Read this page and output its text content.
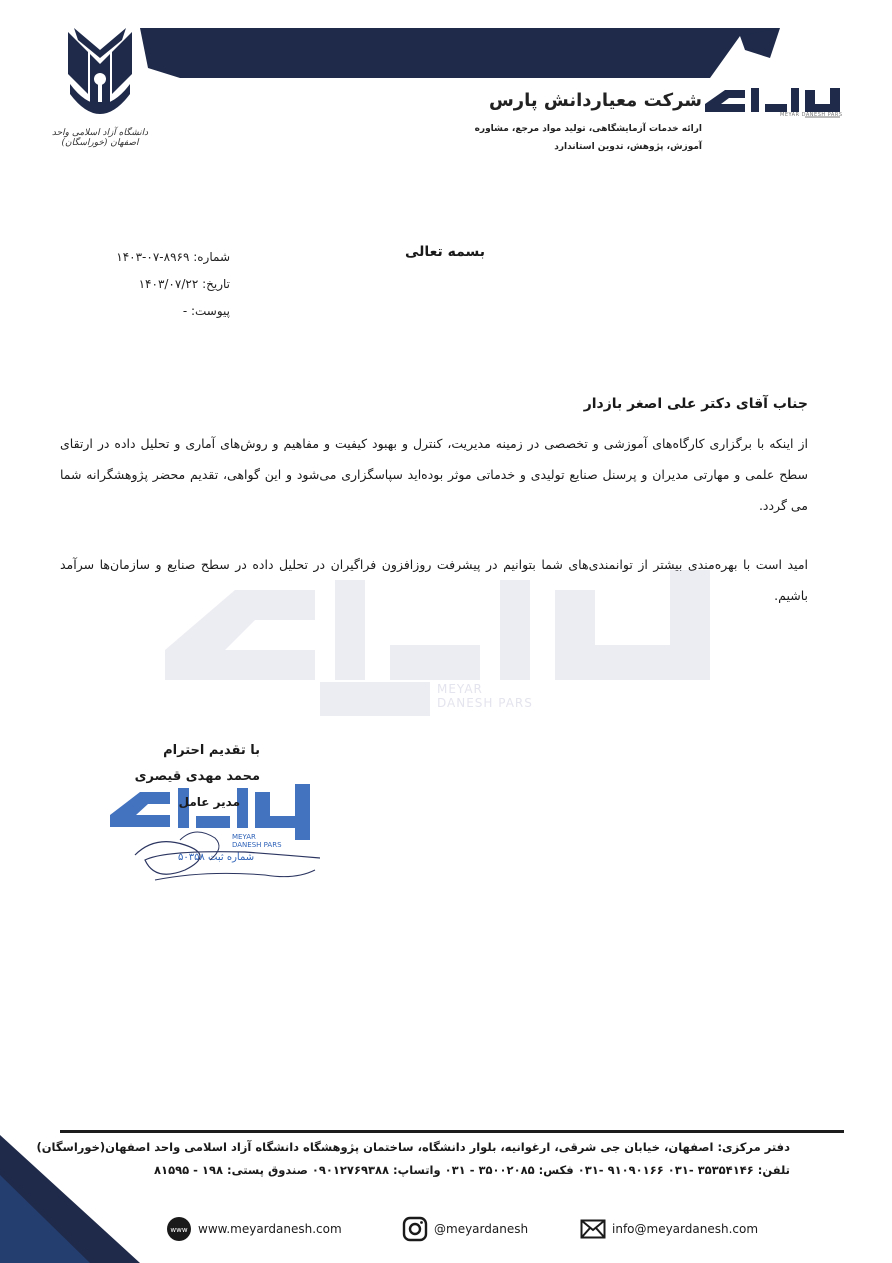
دانشگاه آزاد اسلامی واحد اصفهان (خوراسگان)
شرکت معیاردانش پارس
MEYAR DANESH PARS
ارائه خدمات آزمایشگاهی، تولید مواد مرجع، مشاوره
آموزش، پژوهش، تدوین استاندارد
بسمه تعالی
شماره: ۸۹۶۹-۰۷-۱۴۰۳
تاریخ: ۱۴۰۳/۰۷/۲۲
پیوست: -
MEYAR
DANESH PARS
جناب آقای دکتر علی اصغر بازدار
از اینکه با برگزاری کارگاه‌های آموزشی و تخصصی در زمینه مدیریت، کنترل و بهبود کیفیت و مفاهیم و روش‌های آماری و تحلیل داده در ارتقای سطح علمی و مهارتی مدیران و پرسنل صنایع تولیدی و خدماتی موثر بوده‌اید سپاسگزاری می‌شود و این گواهی، تقدیم محضر پژوهشگرانه شما می گردد.
امید است با بهره‌مندی بیشتر از توانمندی‌های شما بتوانیم در پیشرفت روزافزون فراگیران در تحلیل داده در سطح صنایع و سازمان‌ها سرآمد باشیم.
MEYAR
DANESH PARS
شماره ثبت ۵۰۳۵۸
با تقدیم احترام
محمد مهدی قیصری
مدیر عامل
دفتر مرکزی: اصفهان، خیابان جی شرقی، ارغوانیه، بلوار دانشگاه، ساختمان پژوهشگاه دانشگاه آزاد اسلامی واحد اصفهان(خوراسگان)
تلفن: ۳۵۳۵۴۱۴۶ -۰۳۱ ۹۱۰۹۰۱۶۶ -۰۳۱ فکس: ۳۵۰۰۲۰۸۵ - ۰۳۱ واتساپ: ۰۹۰۱۲۷۶۹۳۸۸ صندوق پستی: ۱۹۸ - ۸۱۵۹۵
www www.meyardanesh.com	@meyardanesh	info@meyardanesh.com
